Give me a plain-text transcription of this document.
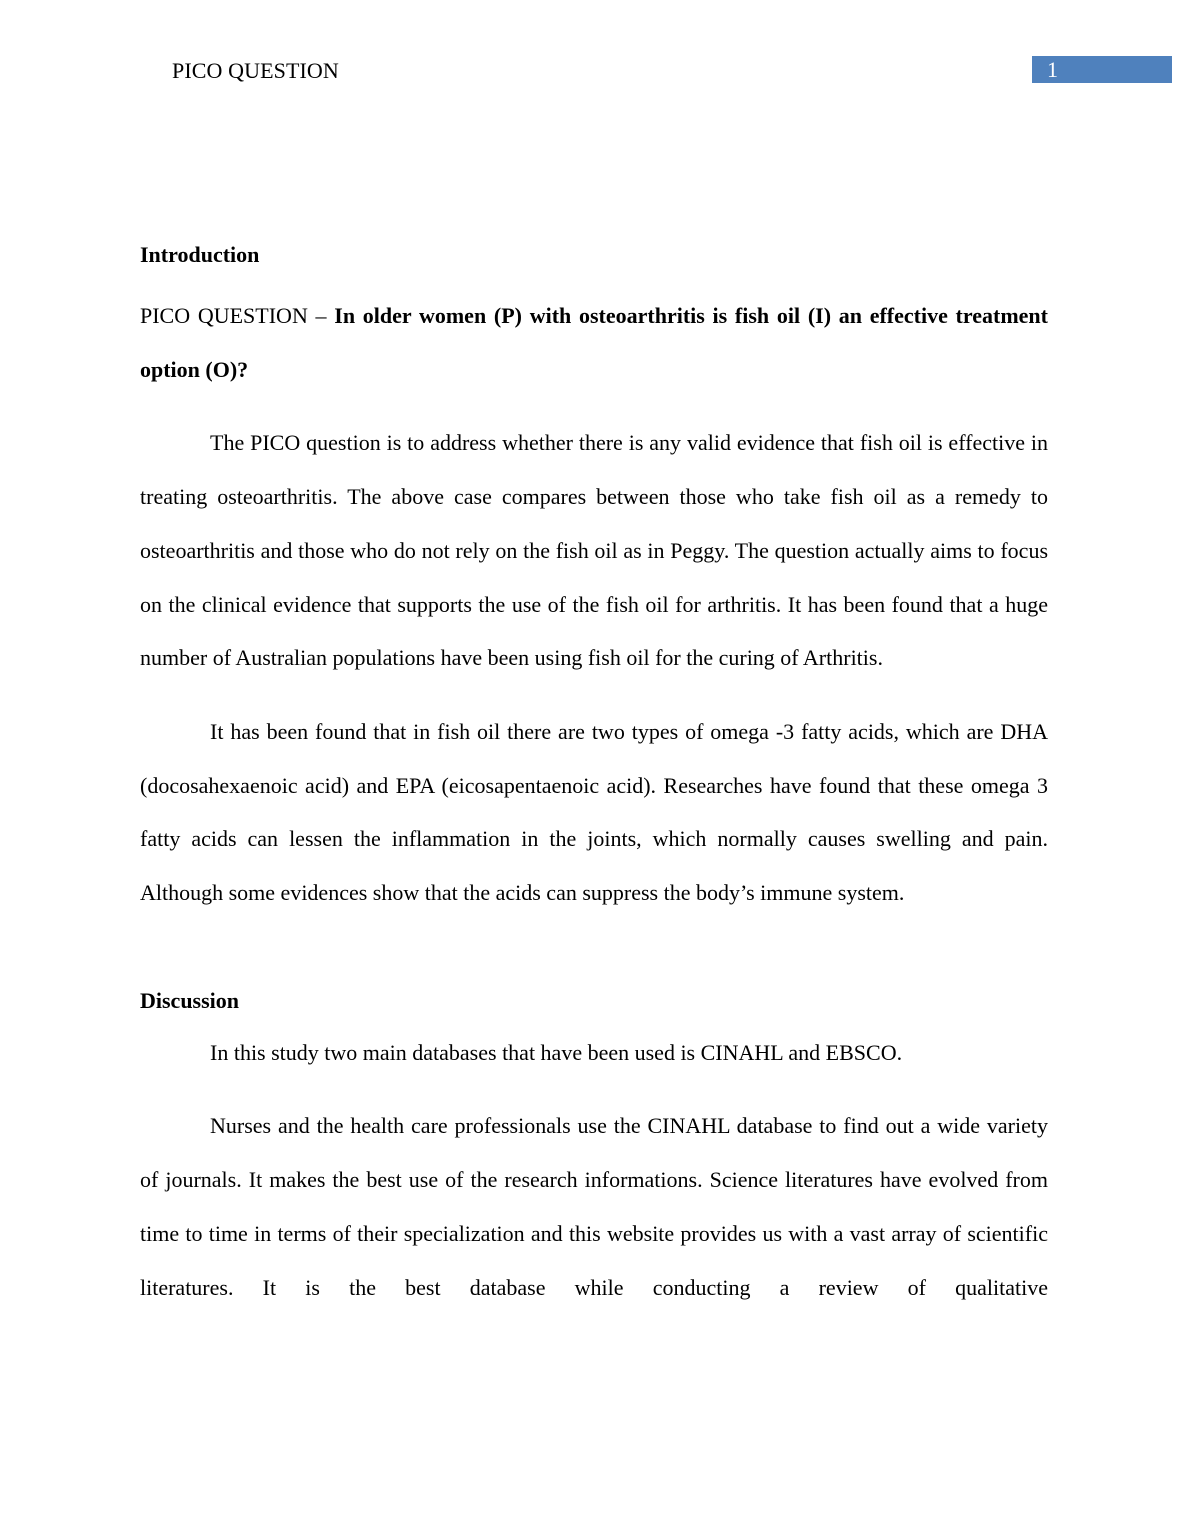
PICO QUESTION	1

Introduction

PICO QUESTION – In older women (P) with osteoarthritis is fish oil (I) an effective treatment option (O)?

The PICO question is to address whether there is any valid evidence that fish oil is effective in treating osteoarthritis. The above case compares between those who take fish oil as a remedy to osteoarthritis and those who do not rely on the fish oil as in Peggy. The question actually aims to focus on the clinical evidence that supports the use of the fish oil for arthritis. It has been found that a huge number of Australian populations have been using fish oil for the curing of Arthritis.

It has been found that in fish oil there are two types of omega -3 fatty acids, which are DHA (docosahexaenoic acid) and EPA (eicosapentaenoic acid). Researches have found that these omega 3 fatty acids can lessen the inflammation in the joints, which normally causes swelling and pain. Although some evidences show that the acids can suppress the body’s immune system.

Discussion

In this study two main databases that have been used is CINAHL and EBSCO.

Nurses and the health care professionals use the CINAHL database to find out a wide variety of journals. It makes the best use of the research informations. Science literatures have evolved from time to time in terms of their specialization and this website provides us with a vast array of scientific literatures. It is the best database while conducting a review of qualitative
